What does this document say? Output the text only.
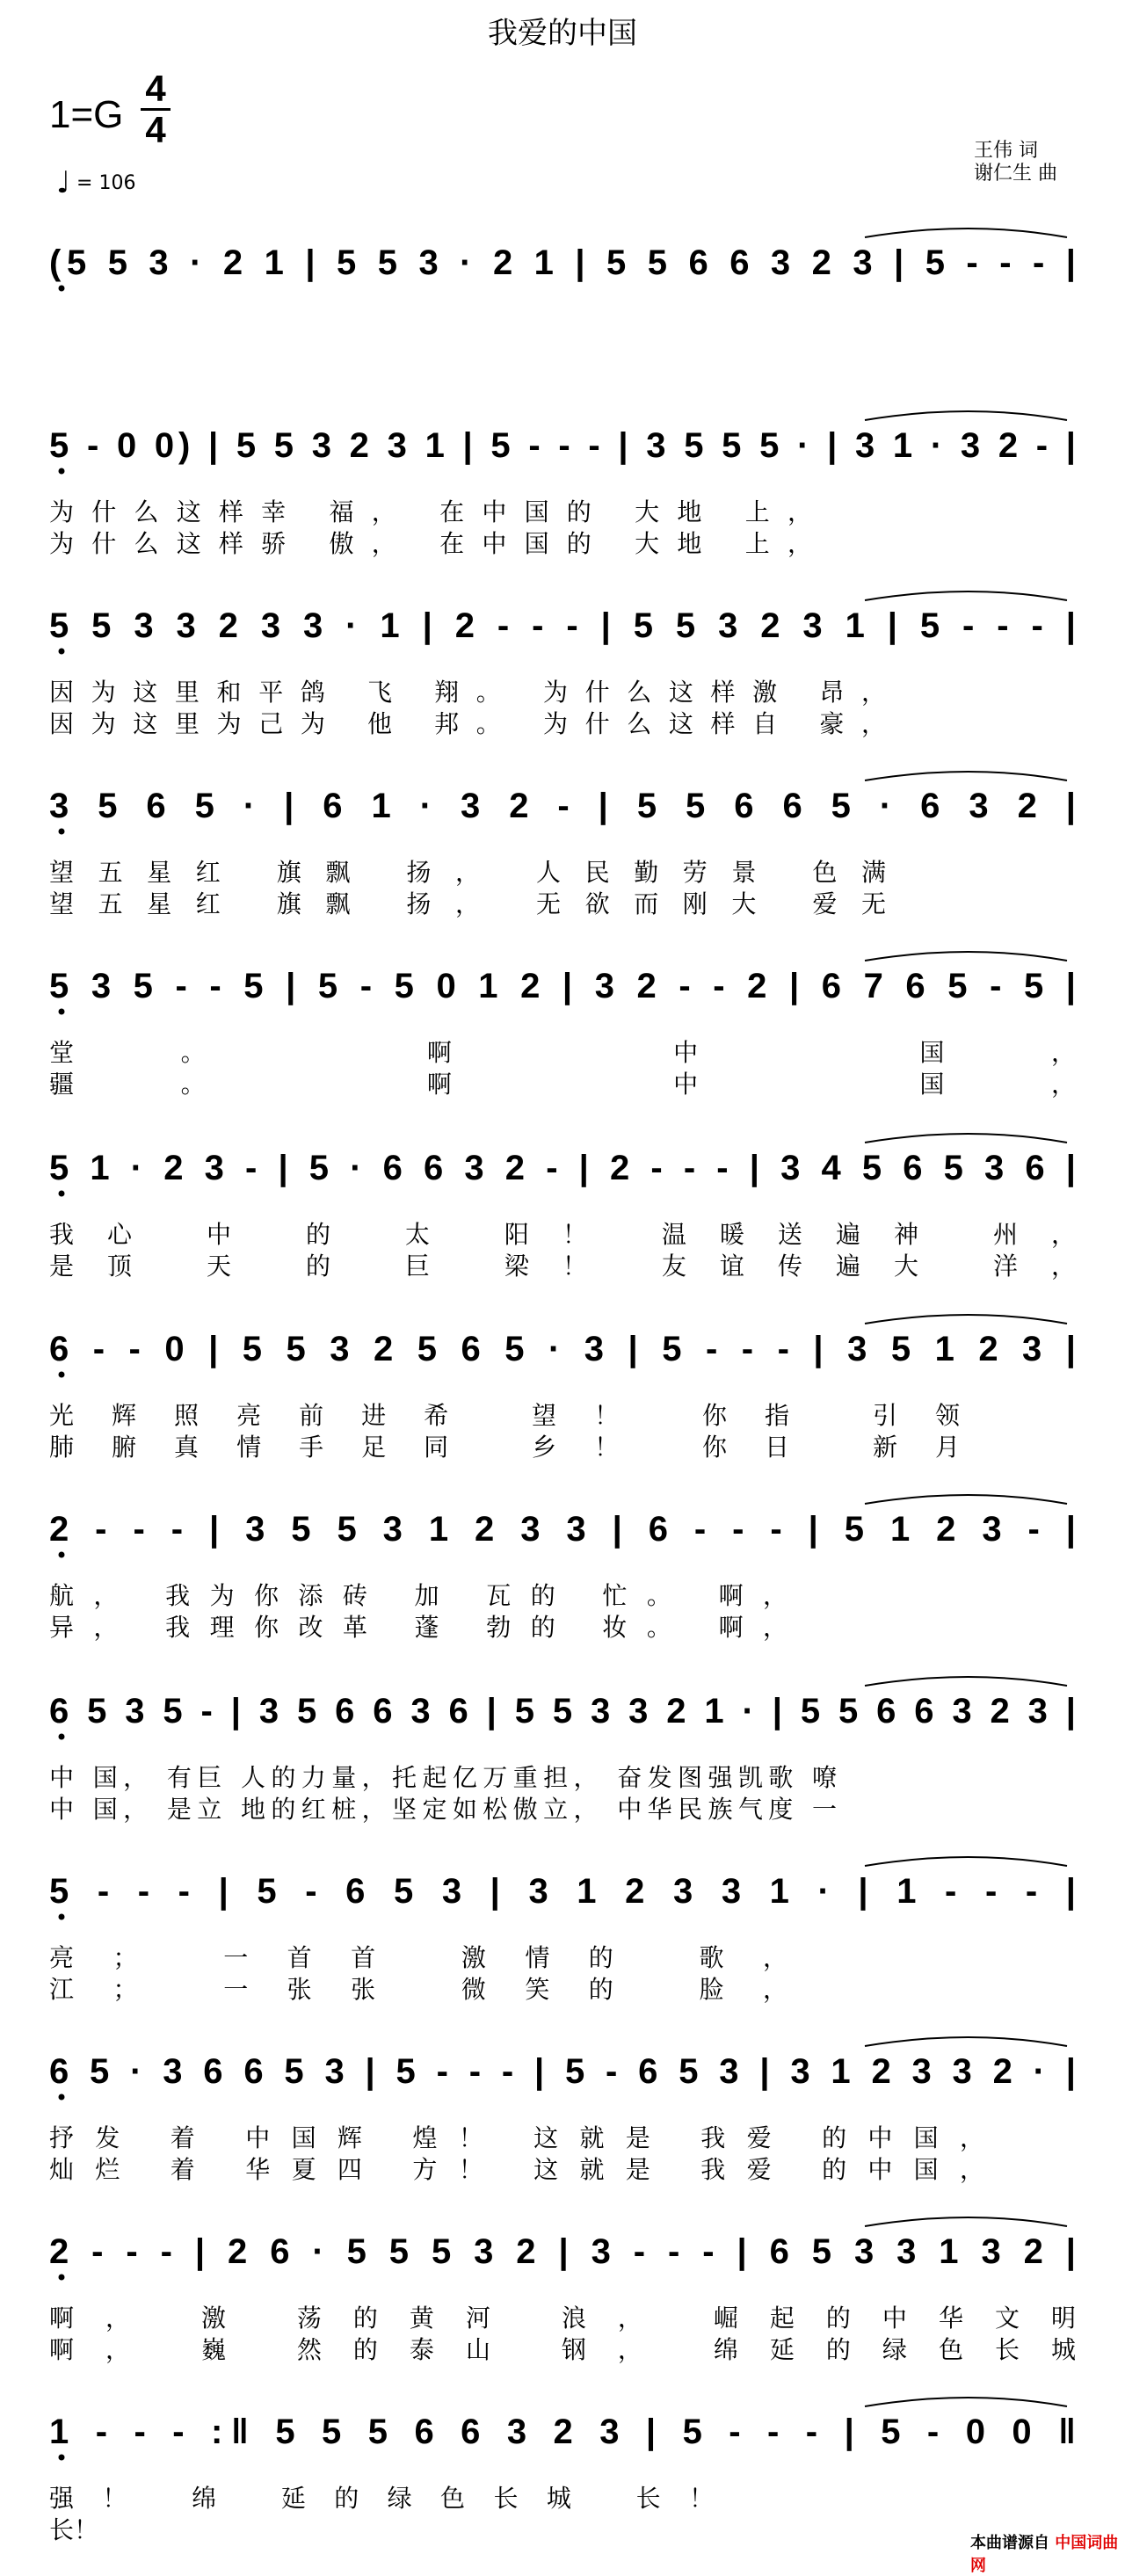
我爱的中国
1=G
4
4
♩ = 106
王伟 词
谢仁生 曲
(5 5 3 · 2 1 | 5 5 3 · 2 1 | 5 5 6 6 3 2 3 | 5 - - - |
5 - 0 0) | 5 5 3 2 3 1 | 5 - - - | 3 5 5 5 · | 3 1 · 3 2 - |
为什么这样幸 福， 在中国的 大地 上，
为什么这样骄 傲， 在中国的 大地 上，
5 5 3 3 2 3 3 · 1 | 2 - - - | 5 5 3 2 3 1 | 5 - - - |
因为这里和平鸽 飞 翔。 为什么这样激 昂，
因为这里为己为 他 邦。 为什么这样自 豪，
3 5 6 5 · | 6 1 · 3 2 - | 5 5 6 6 5 · 6 3 2 |
望五星红 旗飘 扬， 人民勤劳景 色满
望五星红 旗飘 扬， 无欲而刚大 爱无
5 3 5 - - 5 | 5 - 5 0 1 2 | 3 2 - - 2 | 6 7 6 5 - 5 |
堂。 啊 中 国，
疆。 啊 中 国，
5 1 · 2 3 - | 5 · 6 6 3 2 - | 2 - - - | 3 4 5 6 5 3 6 |
我心 中 的 太 阳！ 温暖送遍神 州，
是顶 天 的 巨 梁！ 友谊传遍大 洋，
6 - - 0 | 5 5 3 2 5 6 5 · 3 | 5 - - - | 3 5 1 2 3 |
光辉照亮前进希 望！ 你指 引领
肺腑真情手足同 乡！ 你日 新月
2 - - - | 3 5 5 3 1 2 3 3 | 6 - - - | 5 1 2 3 - |
航， 我为你添砖 加 瓦的 忙。 啊，
异， 我理你改革 蓬 勃的 妆。 啊，
6 5 3 5 - | 3 5 6 6 3 6 | 5 5 3 3 2 1 · | 5 5 6 6 3 2 3 |
中 国， 有巨 人的力量，托起亿万重担， 奋发图强凯歌 嘹
中 国， 是立 地的红桩，坚定如松傲立， 中华民族气度 一
5 - - - | 5 - 6 5 3 | 3 1 2 3 3 1 · | 1 - - - |
亮； 一首首 激情的 歌，
江； 一张张 微笑的 脸，
6 5 · 3 6 6 5 3 | 5 - - - | 5 - 6 5 3 | 3 1 2 3 3 2 · |
抒发 着 中国辉 煌！ 这就是 我爱 的中国，
灿烂 着 华夏四 方！ 这就是 我爱 的中国，
2 - - - | 2 6 · 5 5 5 3 2 | 3 - - - | 6 5 3 3 1 3 2 |
啊， 激 荡的黄河 浪， 崛起的中华文明
啊， 巍 然的泰山 钢， 绵延的绿色长城
1 - - - :‖ 5 5 5 6 6 3 2 3 | 5 - - - | 5 - 0 0 ‖
强！ 绵 延的绿色长城 长！
长！	本曲谱源自 中国词曲网
